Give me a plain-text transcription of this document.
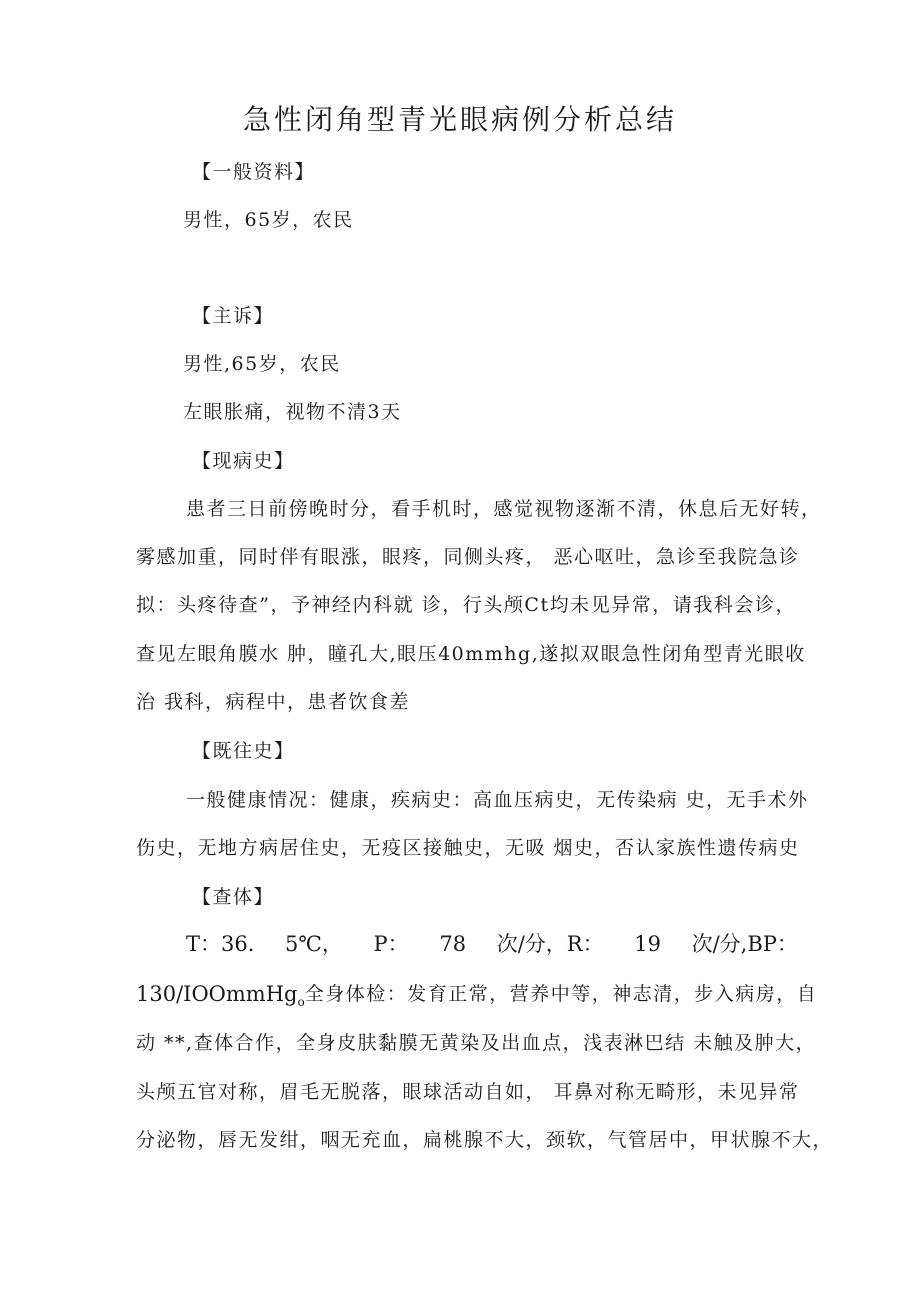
急性闭角型青光眼病例分析总结
【一般资料】
男性，65岁，农民
【主诉】
男性,65岁，农民
左眼胀痛，视物不清3天
【现病史】
患者三日前傍晚时分，看手机时，感觉视物逐渐不清，休息后无好转，
雾感加重，同时伴有眼涨，眼疼，同侧头疼， 恶心呕吐，急诊至我院急诊
拟：头疼待查”，予神经内科就 诊，行头颅Ct均未见异常，请我科会诊，
查见左眼角膜水 肿，瞳孔大,眼压40mmhg,遂拟双眼急性闭角型青光眼收
治 我科，病程中，患者饮食差
【既往史】
一般健康情况：健康，疾病史：高血压病史，无传染病 史，无手术外
伤史，无地方病居住史，无疫区接触史，无吸 烟史，否认家族性遗传病史
【查体】
T：36. 5℃， P： 78 次/分，R： 19 次/分,BP：
130/IOOmmHg$_o$ 全身体检：发育正常，营养中等，神志清，步入病房，自
动 **,查体合作，全身皮肤黏膜无黄染及出血点，浅表淋巴结 未触及肿大，
头颅五官对称，眉毛无脱落，眼球活动自如， 耳鼻对称无畸形，未见异常
分泌物，唇无发绀，咽无充血，扁桃腺不大，颈软，气管居中，甲状腺不大，
